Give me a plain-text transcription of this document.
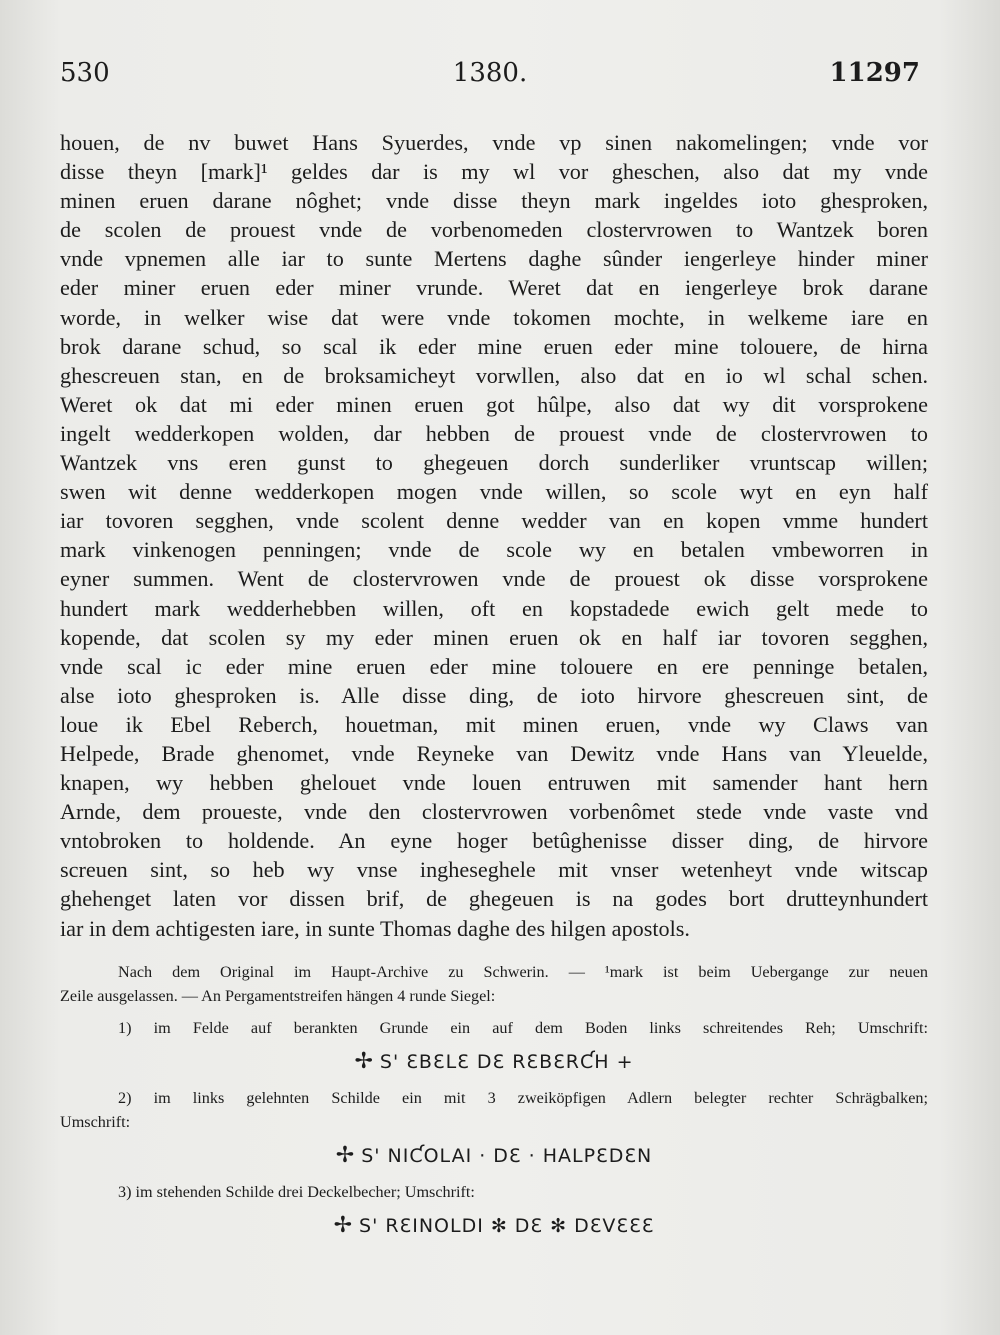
530	1380.	11297
houen, de nv buwet Hans Syuerdes, vnde vp sinen nakomelingen; vnde vor
disse theyn [mark]¹ geldes dar is my wl vor gheschen, also dat my vnde
minen eruen darane nôghet; vnde disse theyn mark ingeldes ioto ghesproken,
de scolen de prouest vnde de vorbenomeden clostervrowen to Wantzek boren
vnde vpnemen alle iar to sunte Mertens daghe sûnder iengerleye hinder miner
eder miner eruen eder miner vrunde. Weret dat en iengerleye brok darane
worde, in welker wise dat were vnde tokomen mochte, in welkeme iare en
brok darane schud, so scal ik eder mine eruen eder mine tolouere, de hirna
ghescreuen stan, en de broksamicheyt vorwllen, also dat en io wl schal schen.
Weret ok dat mi eder minen eruen got hûlpe, also dat wy dit vorsprokene
ingelt wedderkopen wolden, dar hebben de prouest vnde de clostervrowen to
Wantzek vns eren gunst to ghegeuen dorch sunderliker vruntscap willen;
swen wit denne wedderkopen mogen vnde willen, so scole wyt en eyn half
iar tovoren segghen, vnde scolent denne wedder van en kopen vmme hundert
mark vinkenogen penningen; vnde de scole wy en betalen vmbeworren in
eyner summen. Went de clostervrowen vnde de prouest ok disse vorsprokene
hundert mark wedderhebben willen, oft en kopstadede ewich gelt mede to
kopende, dat scolen sy my eder minen eruen ok en half iar tovoren segghen,
vnde scal ic eder mine eruen eder mine tolouere en ere penninge betalen,
alse ioto ghesproken is. Alle disse ding, de ioto hirvore ghescreuen sint, de
loue ik Ebel Reberch, houetman, mit minen eruen, vnde wy Claws van
Helpede, Brade ghenomet, vnde Reyneke van Dewitz vnde Hans van Yleuelde,
knapen, wy hebben ghelouet vnde louen entruwen mit samender hant hern
Arnde, dem proueste, vnde den clostervrowen vorbenômet stede vnde vaste vnd
vntobroken to holdende. An eyne hoger betûghenisse disser ding, de hirvore
screuen sint, so heb wy vnse ingheseghele mit vnser wetenheyt vnde witscap
ghehenget laten vor dissen brif, de ghegeuen is na godes bort drutteynhundert
iar in dem achtigesten iare, in sunte Thomas daghe des hilgen apostols.
Nach dem Original im Haupt-Archive zu Schwerin. — ¹mark ist beim Uebergange zur neuen
Zeile ausgelassen. — An Pergamentstreifen hängen 4 runde Siegel:
1) im Felde auf berankten Grunde ein auf dem Boden links schreitendes Reh; Umschrift:
✢ S' ƐBƐLƐ DƐ RƐBƐRƇH +
2) im links gelehnten Schilde ein mit 3 zweiköpfigen Adlern belegter rechter Schrägbalken;
Umschrift:
✢ S' NIƇOLAI · DƐ · HALPƐDƐN
3) im stehenden Schilde drei Deckelbecher; Umschrift:
✢ S' RƐINOLDI ✻ DƐ ✻ DƐVƐƐƐ
